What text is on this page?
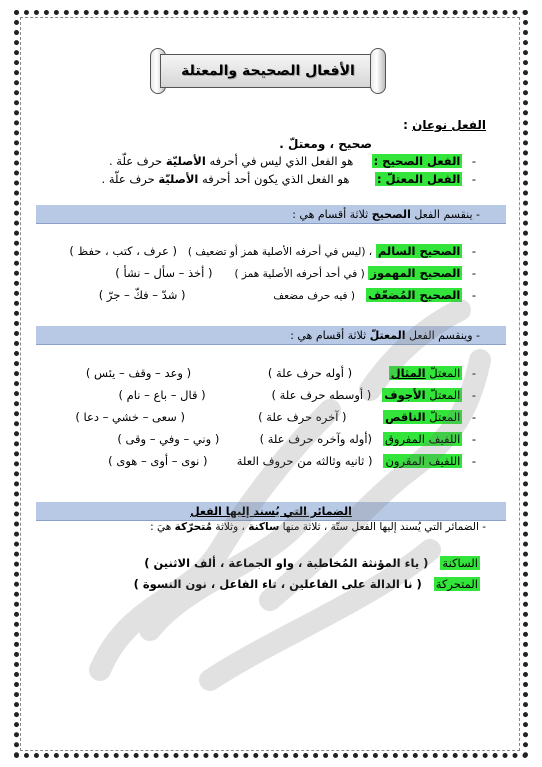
الأفعال الصحيحة والمعتلة
الفعل نوعان :
صحيح ، ومعتلّ .
- الفعل الصحيح :     هو الفعل الذي ليس في أحرفه الأصليّة حرف علّة .
- الفعل المعتلّ :       هو الفعل الذي يكون أحد أحرفه الأصليّة حرف علّة .
- ينقسم الفعل الصحيح ثلاثة أقسام هي :
- الصحيح السالم ، (ليس في أحرفه الأصلية همز أو تضعيف )   ( عرف ، كتب ، حفظ )
- الصحيح المهموز ( في أحد أحرفه الأصلية همز )      ( أخذ – سأل – نشأ )
- الصحيح المُضعّف   ( فيه حرف مضعف                        ( شدّ – فكّ – جرّ )
- وينقسم الفعل المعتلّ ثلاثة أقسام هي :
- المعتلّ المثال          ( أوله حرف علة )                     ( وعد – وقف – يئس )
- المعتلّ الأجوف   ( أوسطه حرف علة )                  ( قال – باع – نام )
- المعتلّ الناقص          ( آخره حرف علة )                    ( سعى – خشي – دعا )
- اللفيف المفروق   (أوله وآخره حرف علة )           ( وني – وفي – وقى )
- اللفيف المقرون   ( ثانيه وثالثه من حروف العلة        ( نوى – أوى – هوى )
الضمائر التي يُسند إليها الفعل
- الضمائر التي يُسند إليها الفعل ستّة ، ثلاثة منها ساكنة ، وثلاثة مُتحرّكة هيَ :
الساكنة   ( ياء المؤنثة المُخاطبة ، واو الجماعة ، ألف الاثنين )
المتحركة   ( نا الدالة على الفاعلين ، تاء الفاعل ، نون النسوة )
